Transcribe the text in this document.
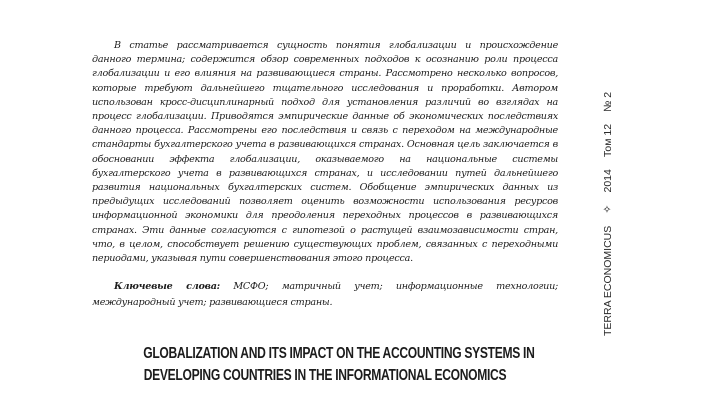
В статье рассматривается сущность понятия глобализации и происхождение данного термина; содержится обзор современных подходов к осознанию роли процесса глобализации и его влияния на развивающиеся страны. Рассмотрено несколько вопросов, которые требуют дальнейшего тщательного исследования и проработки. Автором использован кросс-дисциплинарный подход для установления различий во взглядах на процесс глобализации. Приводятся эмпирические данные об экономических последствиях данного процесса. Рассмотрены его последствия и связь с переходом на международные стандарты бухгалтерского учета в развивающихся странах. Основная цель заключается в обосновании эффекта глобализации, оказываемого на национальные системы бухгалтерского учета в развивающихся странах, и исследовании путей дальнейшего развития национальных бухгалтерских систем. Обобщение эмпирических данных из предыдущих исследований позволяет оценить возможности использования ресурсов информационной экономики для преодоления переходных процессов в развивающихся странах. Эти данные согласуются с гипотезой о растущей взаимозависимости стран, что, в целом, способствует решению существующих проблем, связанных с переходными периодами, указывая пути совершенствования этого процесса.

Ключевые слова: МСФО; матричный учет; информационные технологии; международный учет; развивающиеся страны.

GLOBALIZATION AND ITS IMPACT ON THE ACCOUNTING SYSTEMS IN
DEVELOPING COUNTRIES IN THE INFORMATIONAL ECONOMICS
TERRA ECONOMICUS✧2014Том 12№ 2
